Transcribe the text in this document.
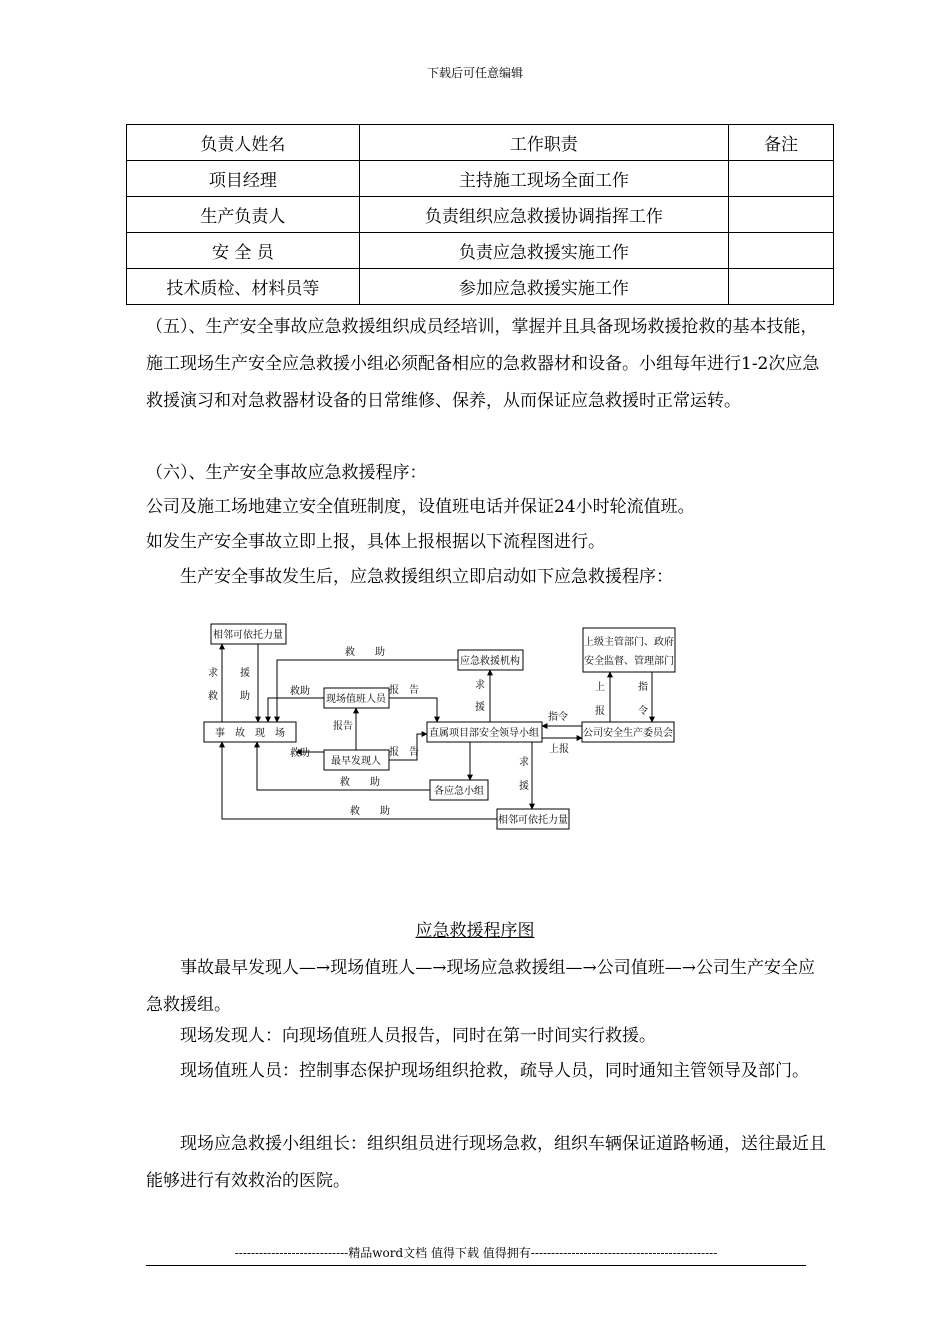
下载后可任意编辑
负责人姓名	工作职责	备注
项目经理	主持施工现场全面工作	
生产负责人	负责组织应急救援协调指挥工作	
安 全 员	负责应急救援实施工作	
技术质检、材料员等	参加应急救援实施工作	

（五）、生产安全事故应急救援组织成员经培训，掌握并且具备现场救援抢救的基本技能，施工现场生产安全应急救援小组必须配备相应的急救器材和设备。小组每年进行1-2次应急救援演习和对急救器材设备的日常维修、保养，从而保证应急救援时正常运转。

（六）、生产安全事故应急救援程序：

公司及施工场地建立安全值班制度，设值班电话并保证24小时轮流值班。

如发生产安全事故立即上报，具体上报根据以下流程图进行。

生产安全事故发生后，应急救援组织立即启动如下应急救援程序：

相邻可依托力量
应急救援机构
上级主管部门、政府
安全监督、管理部门
现场值班人员
事　故　现　场	直属项目部安全领导小组	公司安全生产委员会
最早发现人
各应急小组
相邻可依托力量
救　　助
求
救
援
助	救助	报　告
报告
救助	报　告
求
援
指令
上报
上
报
指
令
求
援
救　　助
救　　助
应急救援程序图

事故最早发现人—→现场值班人—→现场应急救援组—→公司值班—→公司生产安全应急救援组。

现场发现人：向现场值班人员报告，同时在第一时间实行救援。

现场值班人员：控制事态保护现场组织抢救，疏导人员，同时通知主管领导及部门。

现场应急救援小组组长：组织组员进行现场急救，组织车辆保证道路畅通，送往最近且能够进行有效救治的医院。

----------------------------精品word文档 值得下载 值得拥有----------------------------------------------
